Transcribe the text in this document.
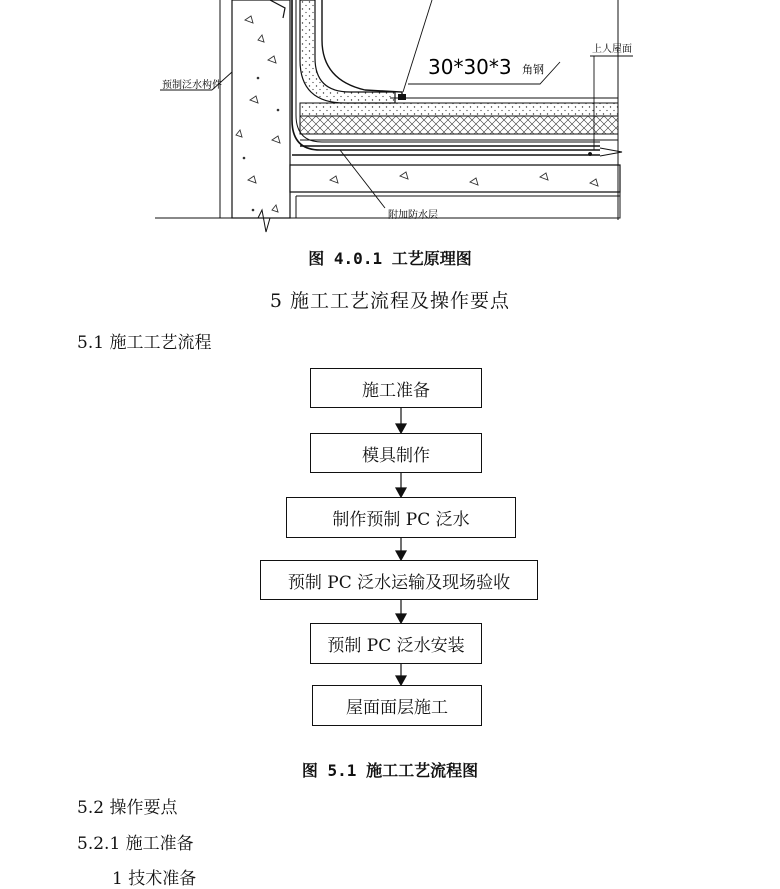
预制泛水构件
30*30*3 角钢
上人屋面
附加防水层
图 4.0.1 工艺原理图
5 施工工艺流程及操作要点
5.1 施工工艺流程
施工准备
模具制作
制作预制 PC 泛水
预制 PC 泛水运输及现场验收
预制 PC 泛水安装
屋面面层施工
图 5.1 施工工艺流程图
5.2 操作要点
5.2.1 施工准备
1 技术准备
